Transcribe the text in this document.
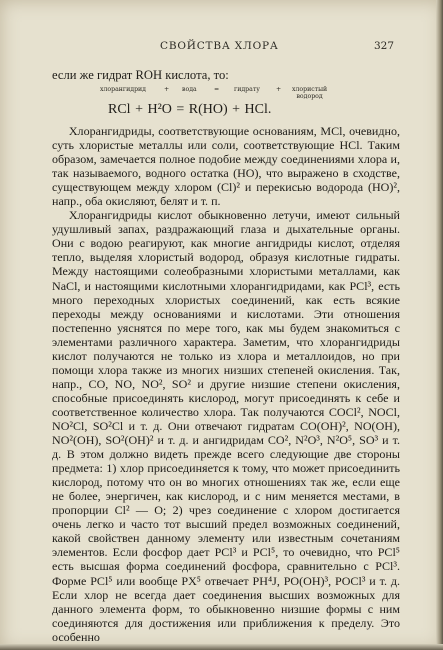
СВОЙСТВА ХЛОРА	327
если же гидрат ROH кислота, то:
хлорангидрид	+ вода	= гидрату	+ хлористый
водород
RCl + H²O = R(HO) + HCl.

Хлорангидриды, соответствующие основаниям, MCl, очевидно, суть хлористые металлы или соли, соответствующие HCl. Таким образом, замечается полное подобие между соединениями хлора и, так называемого, водного остатка (HO), что выражено в сходстве, существующем между хлором (Cl)² и перекисью водорода (HO)², напр., оба окисляют, белят и т. п.

Хлорангидриды кислот обыкновенно летучи, имеют сильный удушливый запах, раздражающий глаза и дыхательные органы. Они с водою реагируют, как многие ангидриды кислот, отделяя тепло, выделяя хлористый водород, образуя кислотные гидраты. Между настоящими солеобразными хлористыми металлами, как NaCl, и настоящими кислотными хлорангидридами, как PCl³, есть много переходных хлористых соединений, как есть всякие переходы между основаниями и кислотами. Эти отношения постепенно уяснятся по мере того, как мы будем знакомиться с элементами различного характера. Заметим, что хлорангидриды кислот получаются не только из хлора и металлоидов, но при помощи хлора также из многих низших степеней окисления. Так, напр., CO, NO, NO², SO² и другие низшие степени окисления, способные присоединять кислород, могут присоединять к себе и соответственное количество хлора. Так получаются COCl², NOCl, NO²Cl, SO²Cl и т. д. Они отвечают гидратам CO(OH)², NO(OH), NO²(OH), SO²(OH)² и т. д. и ангидридам CO², N²O³, N²O⁵, SO³ и т. д. В этом должно видеть прежде всего следующие две стороны предмета: 1) хлор присоединяется к тому, что может присоединить кислород, потому что он во многих отношениях так же, если еще не более, энергичен, как кислород, и с ним меняется местами, в пропорции Cl² — O; 2) чрез соединение с хлором достигается очень легко и часто тот высший предел возможных соединений, какой свойствен данному элементу или известным сочетаниям элементов. Если фосфор дает PCl³ и PCl⁵, то очевидно, что PCl⁵ есть высшая форма соединений фосфора, сравнительно с PCl³. Форме PCl⁵ или вообще PX⁵ отвечает PH⁴J, PO(OH)³, POCl³ и т. д. Если хлор не всегда дает соединения высших возможных для данного элемента форм, то обыкновенно низшие формы с ним соединяются для достижения или приближения к пределу. Это особенно
